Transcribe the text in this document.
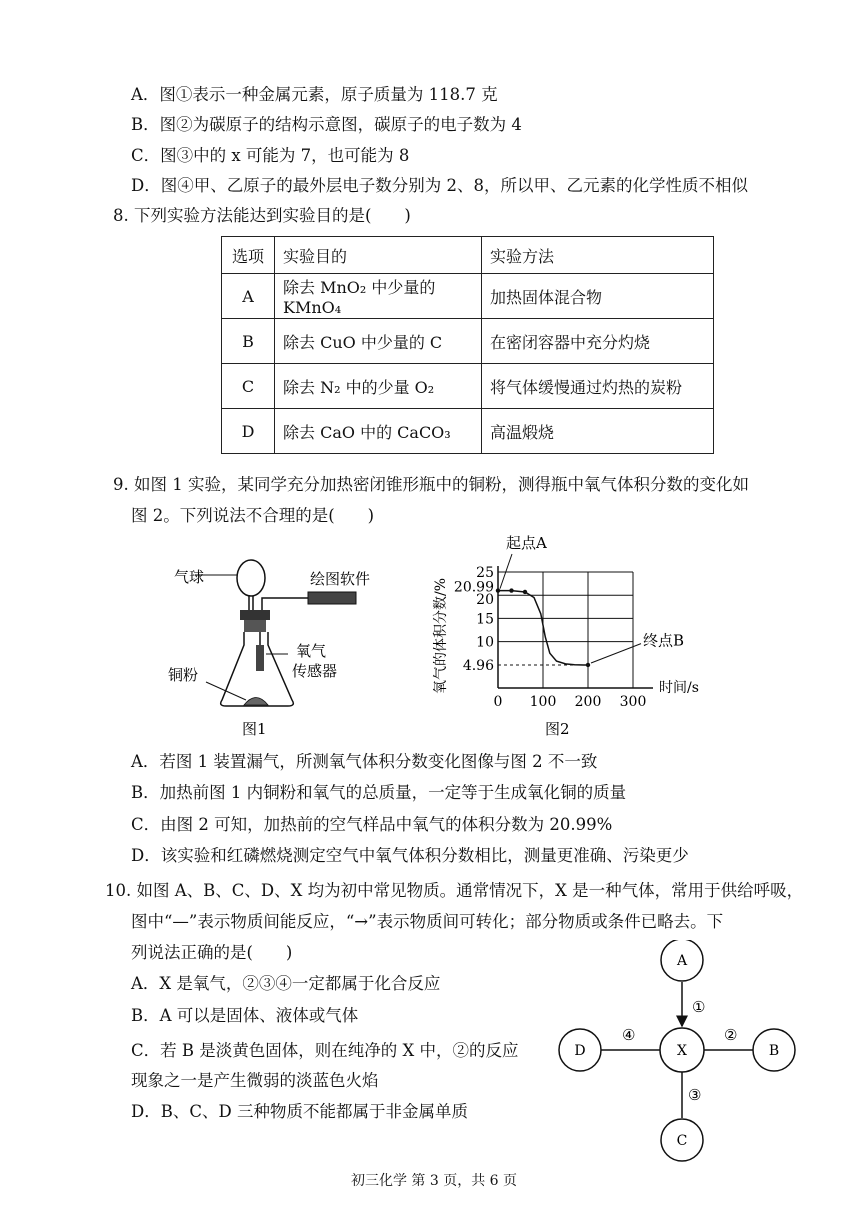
A．图①表示一种金属元素，原子质量为 118.7 克
B．图②为碳原子的结构示意图，碳原子的电子数为 4
C．图③中的 x 可能为 7，也可能为 8
D．图④甲、乙原子的最外层电子数分别为 2、8，所以甲、乙元素的化学性质不相似
8. 下列实验方法能达到实验目的是(　　)
选项	实验目的	实验方法
A	除去 MnO₂ 中少量的 KMnO₄	加热固体混合物
B	除去 CuO 中少量的 C	在密闭容器中充分灼烧
C	除去 N₂ 中的少量 O₂	将气体缓慢通过灼热的炭粉
D	除去 CaO 中的 CaCO₃	高温煅烧
9. 如图 1 实验，某同学充分加热密闭锥形瓶中的铜粉，测得瓶中氧气体积分数的变化如
图 2。下列说法不合理的是(　　)
气球	绘图软件
氧气
传感器
铜粉
图1
0 100 200 300
4.96
10
15
20
20.99
25
起点A
终点B
氧气的体积分数/%	时间/s
图2
A．若图 1 装置漏气，所测氧气体积分数变化图像与图 2 不一致
B．加热前图 1 内铜粉和氧气的总质量，一定等于生成氧化铜的质量
C．由图 2 可知，加热前的空气样品中氧气的体积分数为 20.99%
D．该实验和红磷燃烧测定空气中氧气体积分数相比，测量更准确、污染更少
10. 如图 A、B、C、D、X 均为初中常见物质。通常情况下，X 是一种气体，常用于供给呼吸，
图中“—”表示物质间能反应，“→”表示物质间可转化；部分物质或条件已略去。下
列说法正确的是(　　)
A．X 是氧气，②③④一定都属于化合反应
B．A 可以是固体、液体或气体
C．若 B 是淡黄色固体，则在纯净的 X 中，②的反应
现象之一是产生微弱的淡蓝色火焰
D．B、C、D 三种物质不能都属于非金属单质
A
X
D	B
C
①
②
③
④
初三化学 第 3 页，共 6 页
